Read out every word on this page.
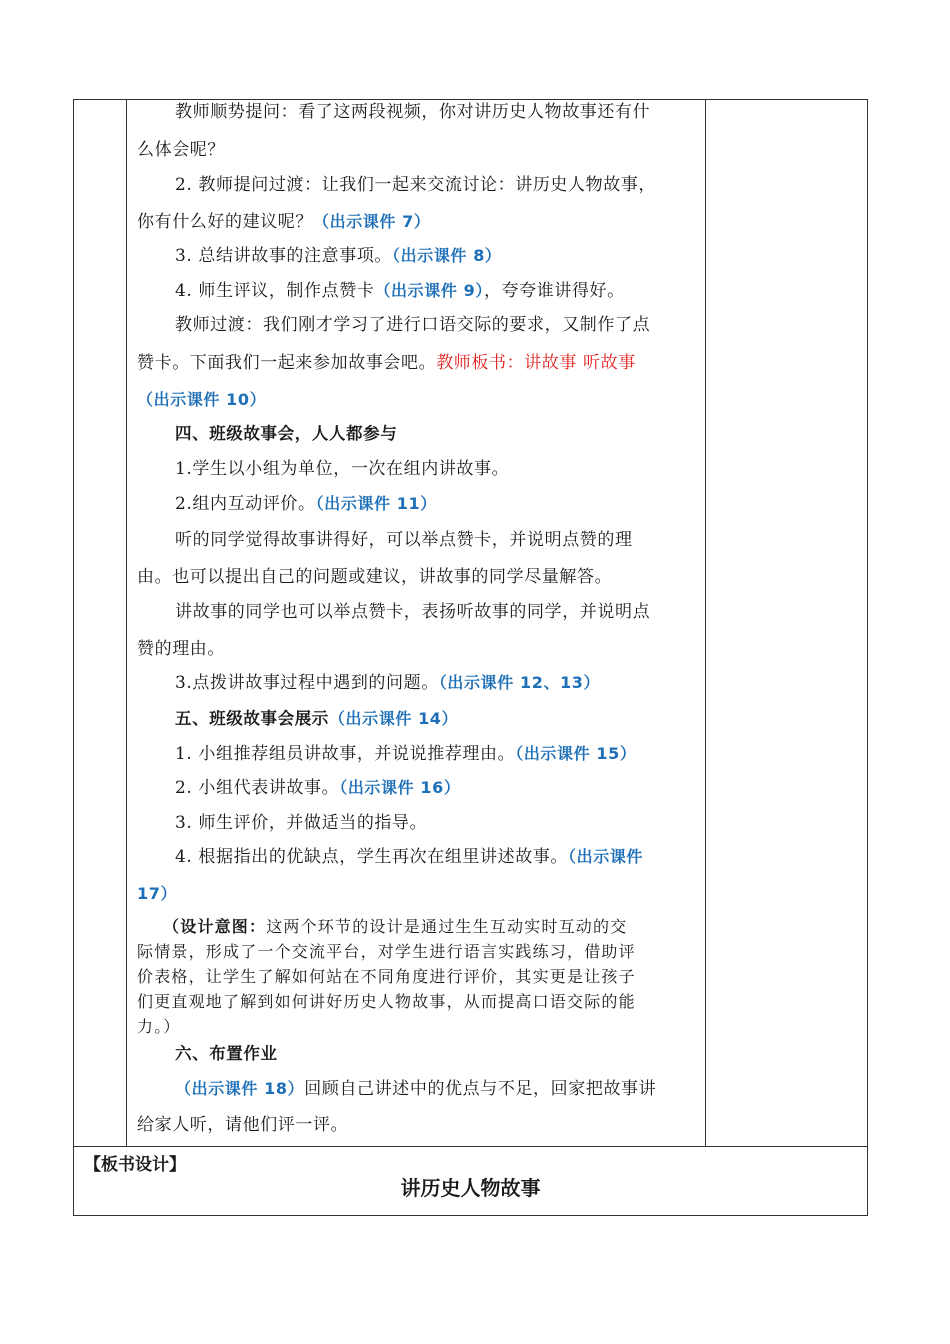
教师顺势提问：看了这两段视频，你对讲历史人物故事还有什
么体会呢？
2. 教师提问过渡：让我们一起来交流讨论：讲历史人物故事，
你有什么好的建议呢？（出示课件 7）
3. 总结讲故事的注意事项。（出示课件 8）
4. 师生评议，制作点赞卡（出示课件 9），夸夸谁讲得好。
教师过渡：我们刚才学习了进行口语交际的要求，又制作了点
赞卡。下面我们一起来参加故事会吧。教师板书：讲故事 听故事
（出示课件 10）
四、班级故事会，人人都参与
1.学生以小组为单位，一次在组内讲故事。
2.组内互动评价。（出示课件 11）
听的同学觉得故事讲得好，可以举点赞卡，并说明点赞的理
由。也可以提出自己的问题或建议，讲故事的同学尽量解答。
讲故事的同学也可以举点赞卡，表扬听故事的同学，并说明点
赞的理由。
3.点拨讲故事过程中遇到的问题。（出示课件 12、13）
五、班级故事会展示（出示课件 14）
1. 小组推荐组员讲故事，并说说推荐理由。（出示课件 15）
2. 小组代表讲故事。（出示课件 16）
3. 师生评价，并做适当的指导。
4. 根据指出的优缺点，学生再次在组里讲述故事。（出示课件
17）
（设计意图：这两个环节的设计是通过生生互动实时互动的交
际情景，形成了一个交流平台，对学生进行语言实践练习，借助评
价表格，让学生了解如何站在不同角度进行评价，其实更是让孩子
们更直观地了解到如何讲好历史人物故事，从而提高口语交际的能
力。）
六、布置作业
（出示课件 18）回顾自己讲述中的优点与不足，回家把故事讲
给家人听，请他们评一评。
【板书设计】
讲历史人物故事
